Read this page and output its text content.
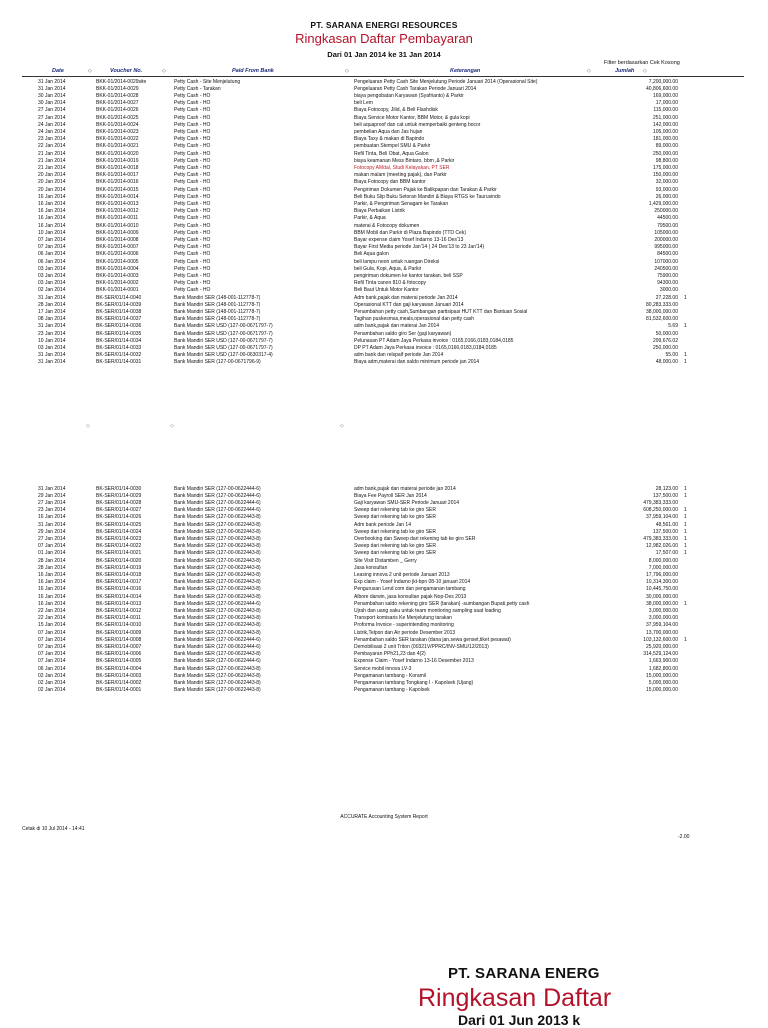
PT. SARANA ENERGI RESOURCES
Ringkasan Daftar Pembayaran
Dari 01 Jan 2014 ke 31 Jan 2014
Filter berdasarkan Cek Kosong
Date	◇	Voucher No.	◇	Paid From Bank	◇	Keterangan	◇	Jumlah ◇
31 Jan 2014	BKK-01/2014-0029site	Petty Cash - Site Menjelutung	Pengeluaran Petty Cash Site Menjelutung Periode Januari 2014 (Operasional Site)	7,200,000.00
31 Jan 2014	BKK-01/2014-0029	Petty Cash - Tarakan	Pengeluaran Petty Cash Tarakan Periode Januari 2014	40,806,600.00
30 Jan 2014	BKK-01/2014-0028	Petty Cash - HO	biaya pengobatan Karyawan (Syafrianto) & Parkir	169,000.00
30 Jan 2014	BKK-01/2014-0027	Petty Cash - HO	beli Lem	17,000.00
27 Jan 2014	BKK-01/2014-0026	Petty Cash - HO	Biaya Fotocopy, Jilid, & Beli Flashdisk	115,000.00
27 Jan 2014	BKK-01/2014-0025	Petty Cash - HO	Biaya Service Motor Kantor, BBM Motor, & gula kopi	251,000.00
24 Jan 2014	BKK-01/2014-0024	Petty Cash - HO	beli aquaproof dan cat untuk memperbaiki genteng bocor	142,000.00
24 Jan 2014	BKK-01/2014-0023	Petty Cash - HO	pembelian Aqua dan Jas hujan	105,000.00
23 Jan 2014	BKK-01/2014-0022	Petty Cash - HO	Biaya Taxy & makan di Bapindo	181,000.00
22 Jan 2014	BKK-01/2014-0021	Petty Cash - HO	pembuatan Stempel SMU & Parkir	89,000.00
21 Jan 2014	BKK-01/2014-0020	Petty Cash - HO	Refil Tinta, Beli Obat, Aqua Galon	250,000.00
21 Jan 2014	BKK-01/2014-0019	Petty Cash - HO	biaya keamanan Mess Bintaro, bbm ,& Parkir	98,800.00
21 Jan 2014	BKK-01/2014-0018	Petty Cash - HO	Fotocopy AMdal, Studi Kelayakan, PT SER	175,000.00
20 Jan 2014	BKK-01/2014-0017	Petty Cash - HO	makan malam (meeting pajak), dan Parkir	150,000.00
20 Jan 2014	BKK-01/2014-0016	Petty Cash - HO	Biaya Fotocopy dan BBM kantor	32,000.00
20 Jan 2014	BKK-01/2014-0015	Petty Cash - HO	Pengiriman Dokumen Pajak ke Balikpapan dan Tarakan & Parkir	93,000.00
16 Jan 2014	BKK-01/2014-0014	Petty Cash - HO	Beli Buku Slip Buku Setoran Mandiri & Biaya RTGS ke Taurusindo	26,000.00
16 Jan 2014	BKK-01/2014-0013	Petty Cash - HO	Parkir, & Pengiriman Senagam ke Tarakan	1,429,000.00
16 Jan 2014	BKK-01/2014-0012	Petty Cash - HO	Biaya Perbaikan Listrik	250000.00
16 Jan 2014	BKK-01/2014-0011	Petty Cash - HO	Parkir, & Aqua	44500.00
16 Jan 2014	BKK-01/2014-0010	Petty Cash - HO	materai & Fotocopy dokumen	79500.00
10 Jan 2014	BKK-01/2014-0009	Petty Cash - HO	BBM Mobil dan Parkir di Plaza Bapindo (TTD Cek)	105000.00
07 Jan 2014	BKK-01/2014-0008	Petty Cash - HO	Bayar expense claim Yosef Indarno 13-16 Des'13	200000.00
07 Jan 2014	BKK-01/2014-0007	Petty Cash - HO	Bayar First Media periode Jan'14 ( 24 Des'13 to 23 Jan'14)	995000.00
06 Jan 2014	BKK-01/2014-0006	Petty Cash - HO	Beli Aqua galon	84500.00
06 Jan 2014	BKK-01/2014-0005	Petty Cash - HO	beli lampu neon untuk ruangan Direksi	107000.00
03 Jan 2014	BKK-01/2014-0004	Petty Cash - HO	beli Gula, Kopi, Aqua, & Parkir	240500.00
03 Jan 2014	BKK-01/2014-0003	Petty Cash - HO	pengiriman dokumen ke kantor tarakan, beli SSP	75900.00
03 Jan 2014	BKK-01/2014-0002	Petty Cash - HO	Refil Tinta canon 810 & fotocopy	94300.00
02 Jan 2014	BKK-01/2014-0001	Petty Cash - HO	Beli Baut Untuk Motor Kantor	3000.00
31 Jan 2014	BK-SER/01/14-0040	Bank Mandiri SER (148-001-112778-7)	Adm bank,pajak dan materai periode Jan 2014	27,228.00 1
28 Jan 2014	BK-SER/01/14-0039	Bank Mandiri SER (148-001-112778-7)	Operasional KTT dan gaji karyawan Januari 2014	80,283,333.00
17 Jan 2014	BK-SER/01/14-0038	Bank Mandiri SER (148-001-112778-7)	Penambahan petty cash,Sumbangan partisipasi HUT KTT dan Bantuan Sosial	38,000,000.00
08 Jan 2014	BK-SER/01/14-0037	Bank Mandiri SER (148-001-112778-7)	Tagihan puskesmas,meals,operasional dan petty cash	81,532,600.00
31 Jan 2014	BK-SER/01/14-0036	Bank Mandiri SER USD (127-00-0671797-7)	adm bank,pajak dan materai Jan 2014	5.69 1
23 Jan 2014	BK-SER/01/14-0035	Bank Mandiri SER USD (127-00-0671797-7)	Penambahan saldo giro Ser (gaji karyawan)	50,000.00
10 Jan 2014	BK-SER/01/14-0034	Bank Mandiri SER USD (127-00-0671797-7)	Pelunasan PT Adam Jaya Perkasa invoice : 0165,0166,0183,0184,0185	299,676.02
03 Jan 2014	BK-SER/01/14-0033	Bank Mandiri SER USD (127-00-0671797-7)	DP PT Adam Jaya Perkasa invoice : 0165,0166,0183,0184,0185	250,000.00
31 Jan 2014	BK-SER/01/14-0032	Bank Mandiri SER USD (127-00-0630317-4)	adm bank dan relspaif periode Jan 2014	55.00 1
31 Jan 2014	BK-SER/01/14-0031	Bank Mandiri SER (127-00-0671796-9)	Biaya adm,materai dan saldo minimum periode jan 2014	48,000.00 1
31 Jan 2014	BK-SER/01/14-0030	Bank Mandiri SER (127-00-0622444-6)	adm bank,pajak dan materai periode jan 2014	28,123.00 1
29 Jan 2014	BK-SER/01/14-0029	Bank Mandiri SER (127-00-0622444-6)	Biaya Fee Payroll SER Jan 2014	137,500.00 1
27 Jan 2014	BK-SER/01/14-0028	Bank Mandiri SER (127-00-0622444-6)	Gaji karyawan SMU-SER Periode Januari 2014	479,383,333.00
23 Jan 2014	BK-SER/01/14-0027	Bank Mandiri SER (127-00-0622444-6)	Sweep dari rekening tab ke giro SER	608,250,000.00 1
16 Jan 2014	BK-SER/01/14-0026	Bank Mandiri SER (127-00-0622443-8)	Sweep dari rekening tab ke giro SER	37,959,104.00 1
31 Jan 2014	BK-SER/01/14-0025	Bank Mandiri SER (127-00-0622443-8)	Adm bank periode Jan 14	48,561.00 1
29 Jan 2014	BK-SER/01/14-0024	Bank Mandiri SER (127-00-0622443-8)	Sweep dari rekening tab ke giro SER	137,500.00 1
27 Jan 2014	BK-SER/01/14-0023	Bank Mandiri SER (127-00-0622443-8)	Overbooking dan Sweep dari rekening tab ke giro SER	479,383,333.00 1
07 Jan 2014	BK-SER/01/14-0022	Bank Mandiri SER (127-00-0622443-8)	Sweep dari rekening tab ke giro SER	12,982,026.00 1
01 Jan 2014	BK-SER/01/14-0021	Bank Mandiri SER (127-00-0622443-8)	Sweep dari rekening tab ke giro SER	17,507.00 1
28 Jan 2014	BK-SER/01/14-0020	Bank Mandiri SER (127-00-0622443-8)	Site Visit Distamben _ Gerry	8,000,000.00
28 Jan 2014	BK-SER/01/14-0019	Bank Mandiri SER (127-00-0622443-8)	Jasa konsultan	7,000,000.00
16 Jan 2014	BK-SER/01/14-0018	Bank Mandiri SER (127-00-0622443-8)	Leasing innova 2 unit periode Januari 2013	17,796,000.00
16 Jan 2014	BK-SER/01/14-0017	Bank Mandiri SER (127-00-0622443-8)	Exp claim - Yosef Indarno jkt-bpn 08-10 januari 2014	10,314,300.00
16 Jan 2014	BK-SER/01/14-0016	Bank Mandiri SER (127-00-0622443-8)	Pengurusan Lend com dan pengamanan tambang	10,445,750.00
16 Jan 2014	BK-SER/01/14-0014	Bank Mandiri SER (127-00-0622443-8)	Albore darwin, jasa konsultan pajak Nop-Des 2013	30,000,000.00
16 Jan 2014	BK-SER/01/14-0013	Bank Mandiri SER (127-00-0622444-6)	Penambahan saldo rekening giro SER (tarakan) -sumbangan Bupati,petty cash	38,000,000.00 1
22 Jan 2014	BK-SER/01/14-0012	Bank Mandiri SER (127-00-0622443-8)	Ujrah dan uang saku untuk team monitoring sampling saat loading	3,000,000.00
22 Jan 2014	BK-SER/01/14-0011	Bank Mandiri SER (127-00-0622443-8)	Transport komisaris Ke Menjelutung tarakan	3,000,000.00
15 Jan 2014	BK-SER/01/14-0010	Bank Mandiri SER (127-00-0622443-8)	Proforma Invoice - superintending monitoring	37,959,104.00
07 Jan 2014	BK-SER/01/14-0009	Bank Mandiri SER (127-00-0622443-8)	Listrik,Telpon dan Air periode Desember 2013	13,700,000.00
07 Jan 2014	BK-SER/01/14-0008	Bank Mandiri SER (127-00-0622444-6)	Penambahan saldo SER tarakan (dana jan,sewa genset,tiket pesawat)	103,132,600.00 1
07 Jan 2014	BK-SER/01/14-0007	Bank Mandiri SER (127-00-0622444-6)	Demobilisasi 2 unit Triton (00321V/PPRC/INV-SMU/12/2013)	25,920,000.00
07 Jan 2014	BK-SER/01/14-0006	Bank Mandiri SER (127-00-0622443-8)	Pembayaran PPh21,23 dan 4(2)	314,529,124.00
07 Jan 2014	BK-SER/01/14-0005	Bank Mandiri SER (127-00-0622444-6)	Expense Claim - Yosef Indarno 13-16 Desember 2013	1,663,900.00
06 Jan 2014	BK-SER/01/14-0004	Bank Mandiri SER (127-00-0622443-8)	Service mobil innova LV-3	1,682,800.00
02 Jan 2014	BK-SER/01/14-0003	Bank Mandiri SER (127-00-0622443-8)	Pengamanan tambang - Koramil	15,000,000.00
02 Jan 2014	BK-SER/01/14-0002	Bank Mandiri SER (127-00-0622443-8)	Pengamanan tambang Tongkang I - Kapolsek (Ujang)	5,000,000.00
02 Jan 2014	BK-SER/01/14-0001	Bank Mandiri SER (127-00-0622443-8)	Pengamanan tambang - Kapolsek	15,000,000.00
◇	◇	◇
ACCURATE Accounting System Report
Cetak di 10 Jul 2014 - 14:41
-2.00
PT. SARANA ENERG
Ringkasan Daftar
Dari 01 Jun 2013 k
